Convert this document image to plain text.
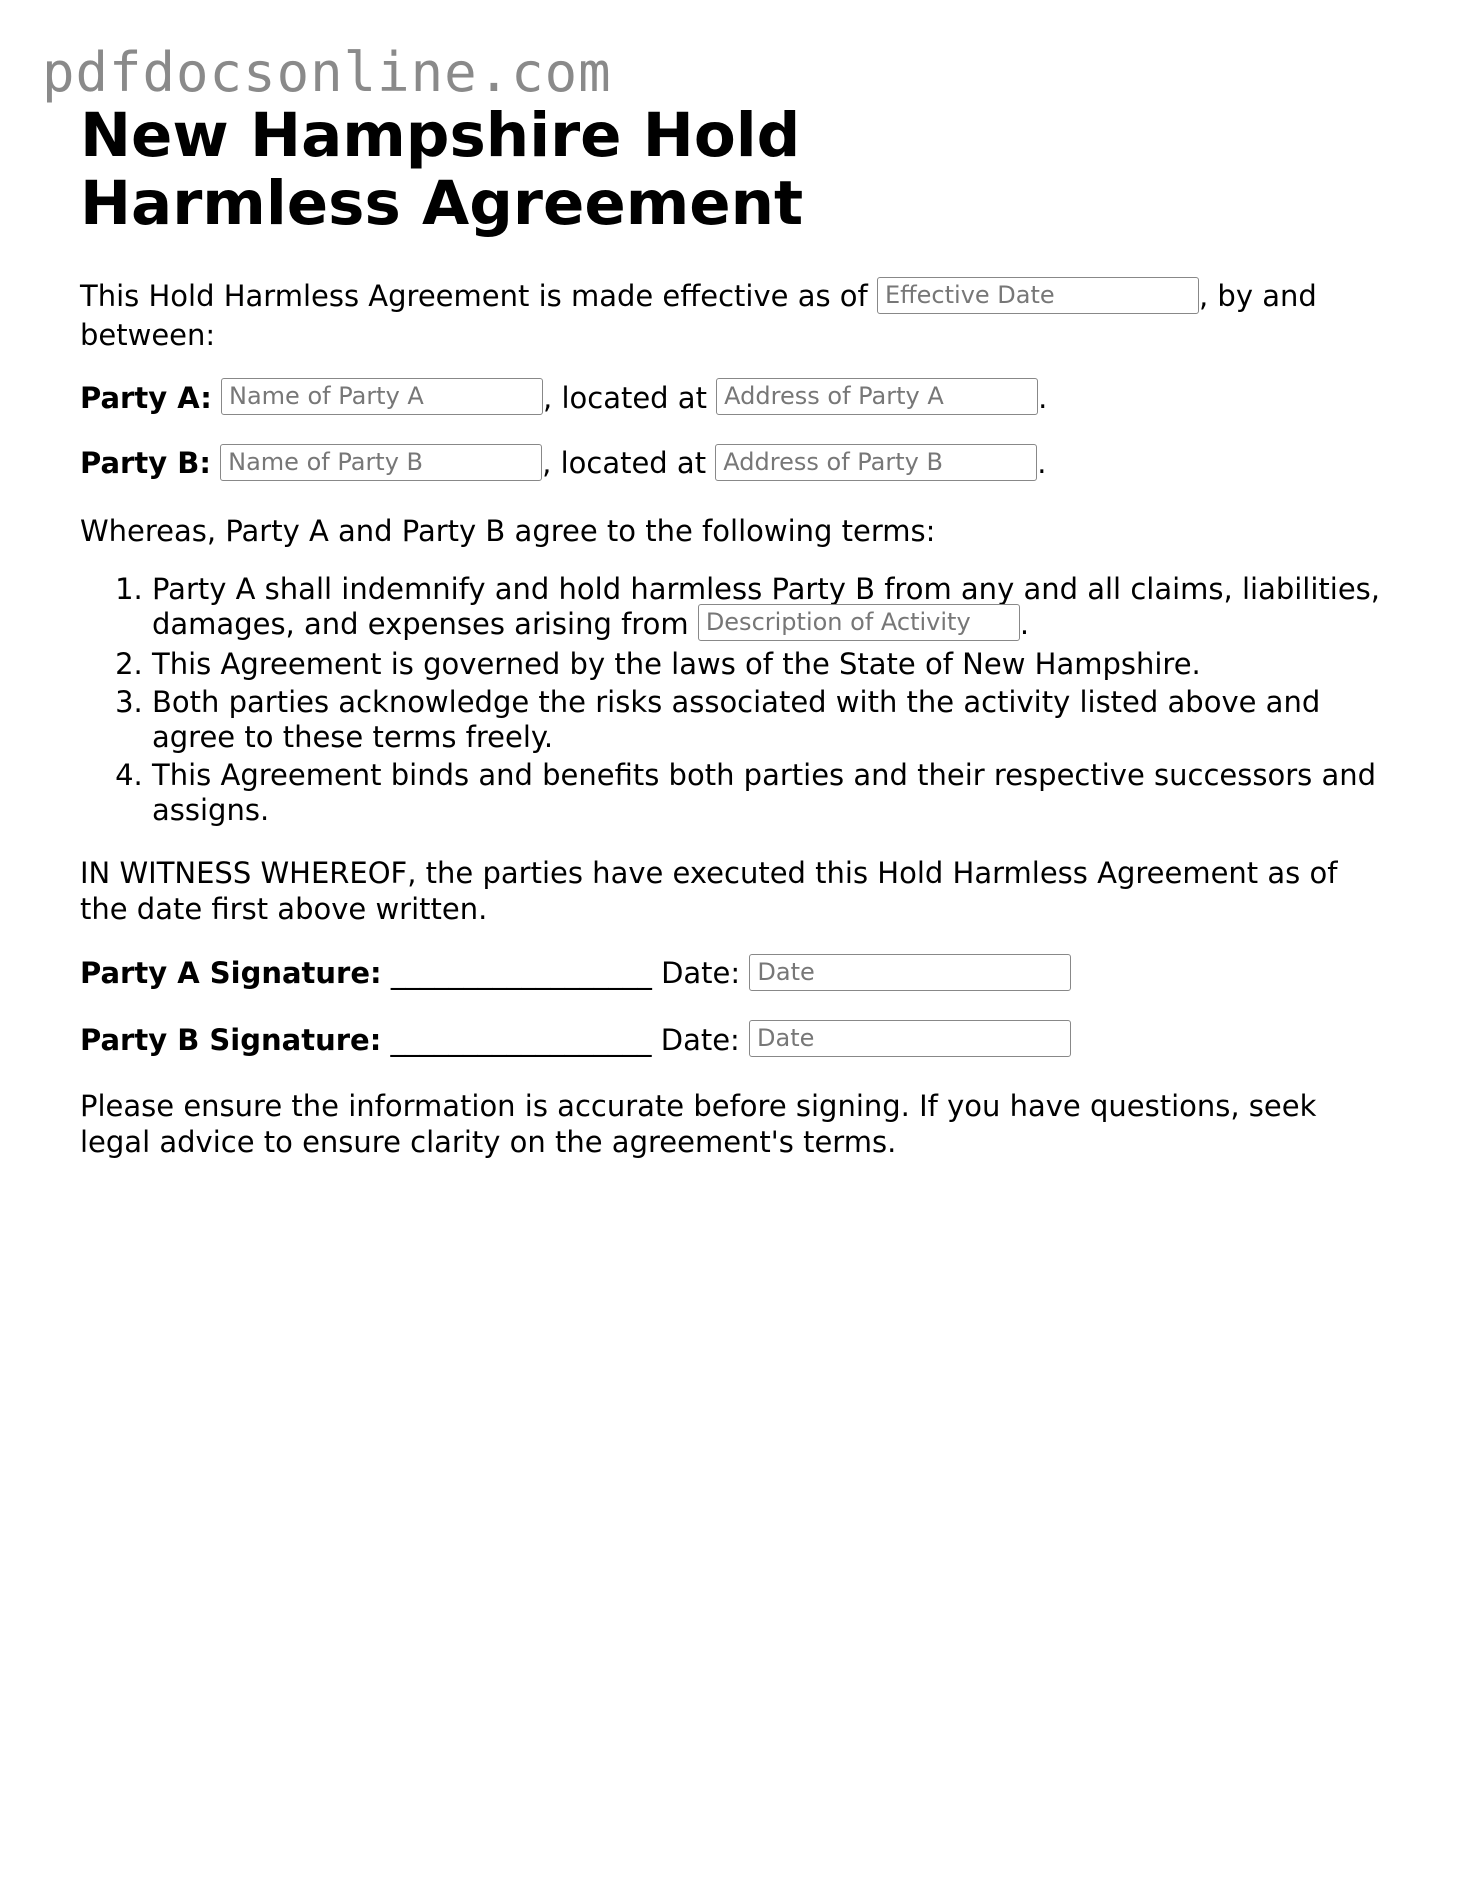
pdfdocsonline.com
New Hampshire Hold Harmless Agreement

This Hold Harmless Agreement is made effective as of Effective Date	, by and between:

Party A: Name of Party A	, located at Address of Party A	.

Party B: Name of Party B	, located at Address of Party B	.

Whereas, Party A and Party B agree to the following terms:

1. Party A shall indemnify and hold harmless Party B from any and all claims, liabilities, damages, and expenses arising from Description of Activity .
2. This Agreement is governed by the laws of the State of New Hampshire.
3. Both parties acknowledge the risks associated with the activity listed above and agree to these terms freely.
4. This Agreement binds and benefits both parties and their respective successors and assigns.

IN WITNESS WHEREOF, the parties have executed this Hold Harmless Agreement as of the date first above written.

Party A Signature: __________________ Date: Date

Party B Signature: __________________ Date: Date

Please ensure the information is accurate before signing. If you have questions, seek legal advice to ensure clarity on the agreement's terms.
